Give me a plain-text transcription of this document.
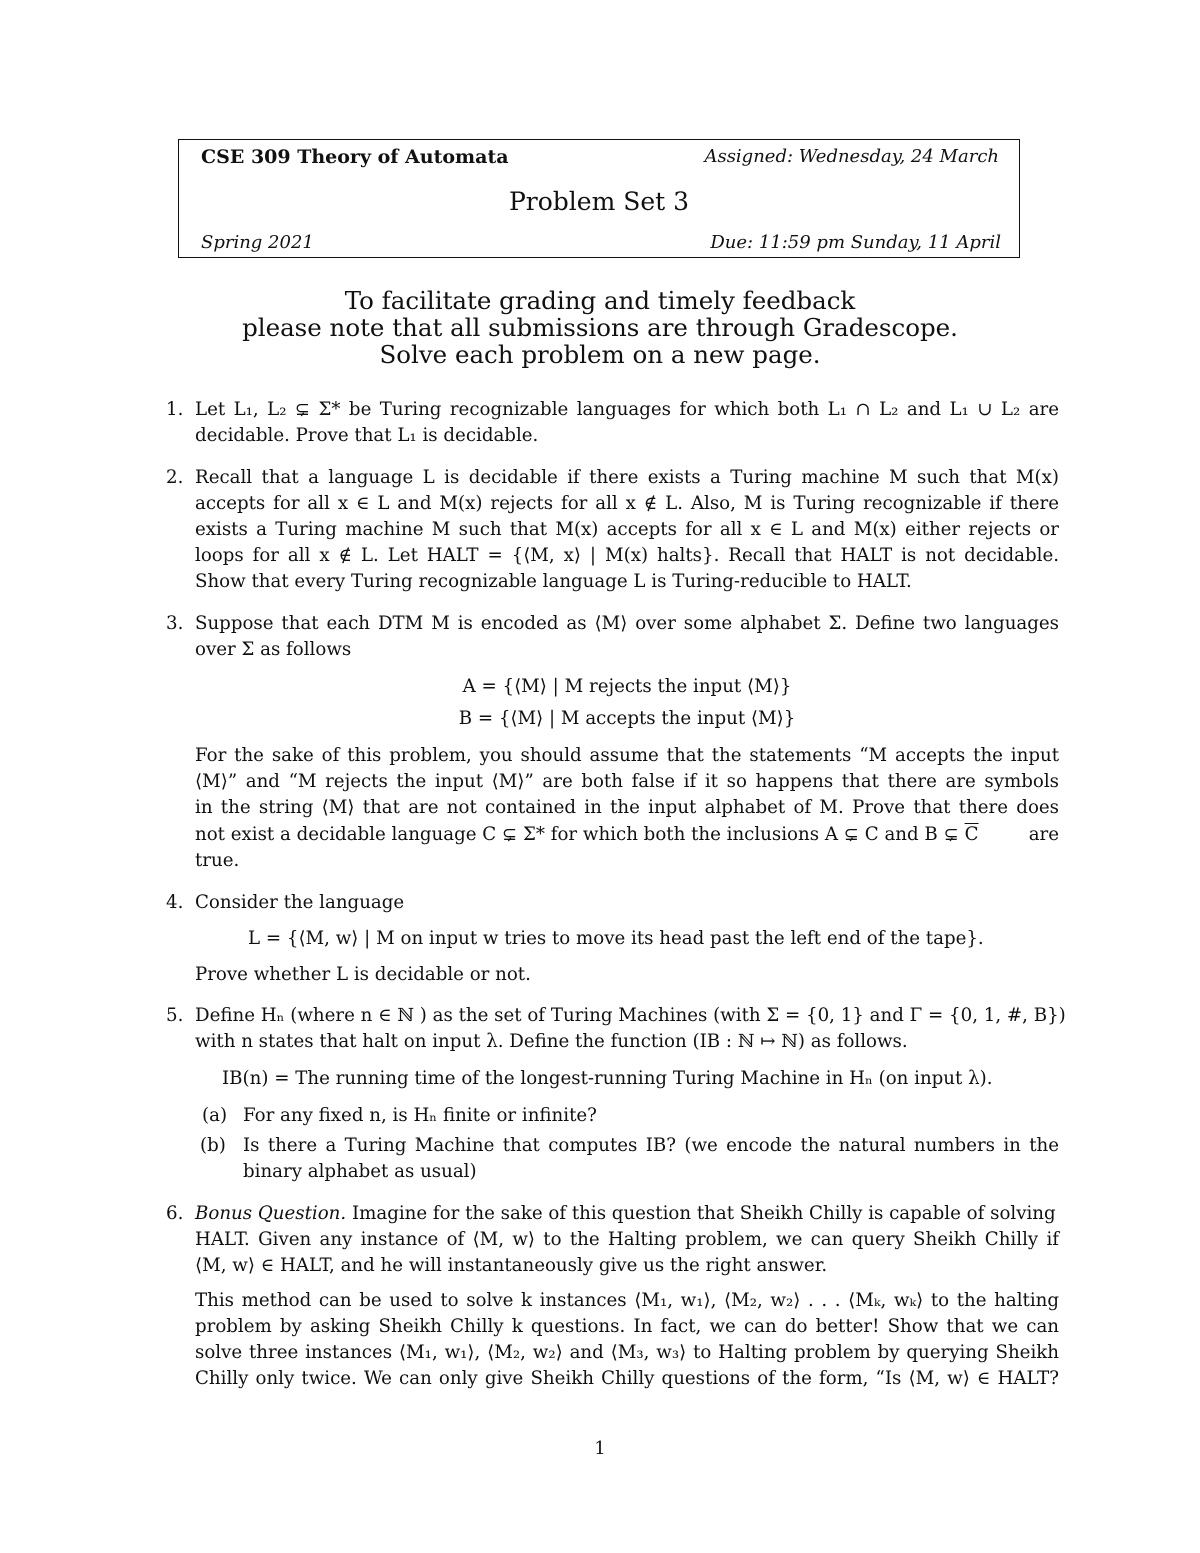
CSE 309 Theory of Automata	Assigned: Wednesday, 24 March
Problem Set 3
Spring 2021	Due: 11:59 pm Sunday, 11 April
To facilitate grading and timely feedback
please note that all submissions are through Gradescope.
Solve each problem on a new page.
1. Let L₁, L₂ ⊊ Σ* be Turing recognizable languages for which both L₁ ∩ L₂ and L₁ ∪ L₂ are
decidable. Prove that L₁ is decidable.
2. Recall that a language L is decidable if there exists a Turing machine M such that M(x)
accepts for all x ∈ L and M(x) rejects for all x ∉ L. Also, M is Turing recognizable if there
exists a Turing machine M such that M(x) accepts for all x ∈ L and M(x) either rejects or
loops for all x ∉ L. Let HALT = {⟨M, x⟩ | M(x) halts}. Recall that HALT is not decidable.
Show that every Turing recognizable language L is Turing-reducible to HALT.
3. Suppose that each DTM M is encoded as ⟨M⟩ over some alphabet Σ. Define two languages
over Σ as follows
A = {⟨M⟩ | M rejects the input ⟨M⟩}
B = {⟨M⟩ | M accepts the input ⟨M⟩}
For the sake of this problem, you should assume that the statements “M accepts the input
⟨M⟩” and “M rejects the input ⟨M⟩” are both false if it so happens that there are symbols
in the string ⟨M⟩ that are not contained in the input alphabet of M. Prove that there does
not exist a decidable language C ⊊ Σ* for which both the inclusions A ⊊ C and B ⊊ $\overline{C}$	are
true.
4. Consider the language
L = {⟨M, w⟩ | M on input w tries to move its head past the left end of the tape}.
Prove whether L is decidable or not.
5. Define Hₙ (where n ∈ ℕ ) as the set of Turing Machines (with Σ = {0, 1} and Γ = {0, 1, #, B})
with n states that halt on input λ. Define the function (IB : ℕ ↦ ℕ) as follows.
IB(n) = The running time of the longest-running Turing Machine in Hₙ (on input λ).
(a) For any fixed n, is Hₙ finite or infinite?
(b) Is there a Turing Machine that computes IB? (we encode the natural numbers in the
binary alphabet as usual)
6. Bonus Question. Imagine for the sake of this question that Sheikh Chilly is capable of solving
HALT. Given any instance of ⟨M, w⟩ to the Halting problem, we can query Sheikh Chilly if
⟨M, w⟩ ∈ HALT, and he will instantaneously give us the right answer.
This method can be used to solve k instances ⟨M₁, w₁⟩, ⟨M₂, w₂⟩ . . . ⟨Mₖ, wₖ⟩ to the halting
problem by asking Sheikh Chilly k questions. In fact, we can do better! Show that we can
solve three instances ⟨M₁, w₁⟩, ⟨M₂, w₂⟩ and ⟨M₃, w₃⟩ to Halting problem by querying Sheikh
Chilly only twice. We can only give Sheikh Chilly questions of the form, “Is ⟨M, w⟩ ∈ HALT?
1
